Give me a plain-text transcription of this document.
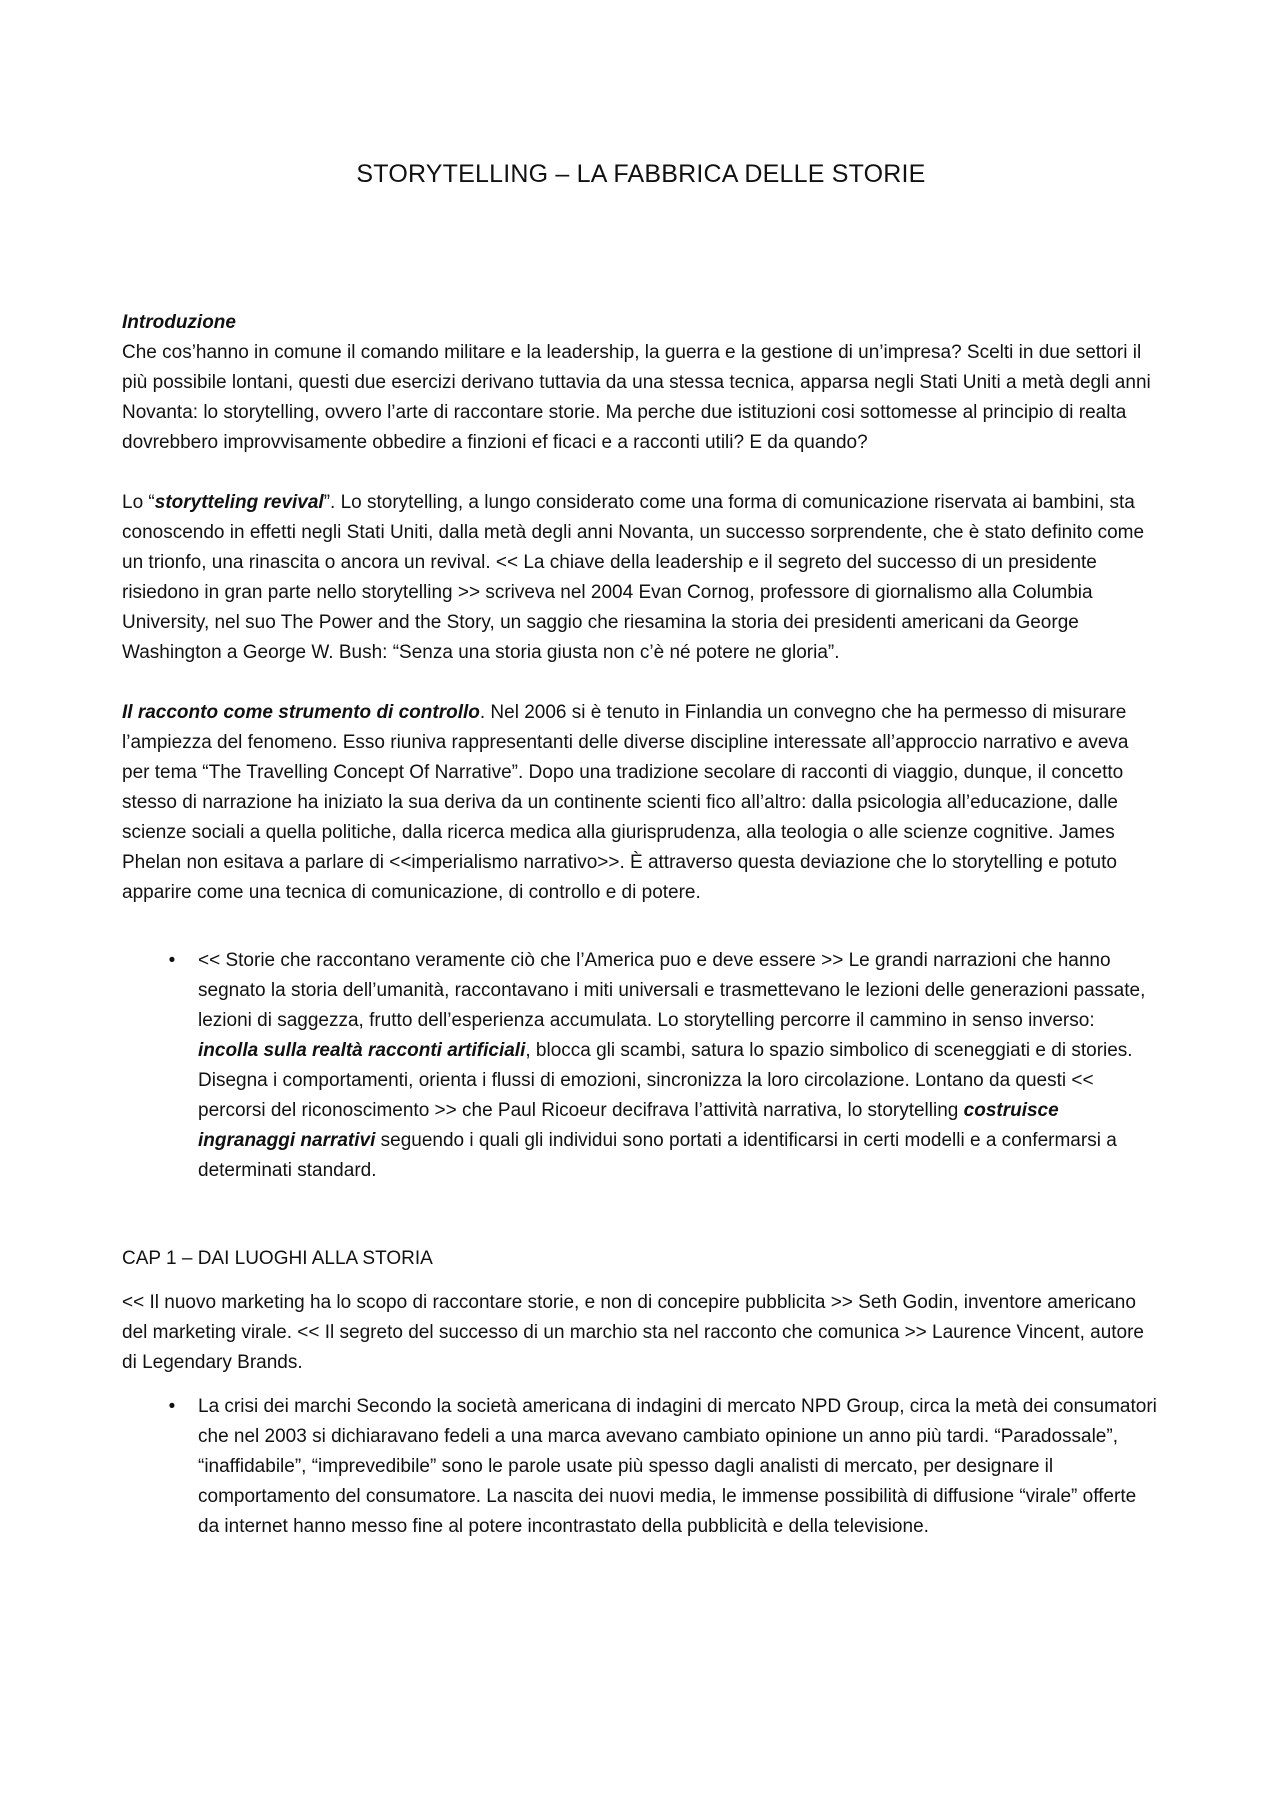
STORYTELLING – LA FABBRICA DELLE STORIE
Introduzione

Che cos’hanno in comune il comando militare e la leadership, la guerra e la gestione di un’impresa? Scelti in due settori il più possibile lontani, questi due esercizi derivano tuttavia da una stessa tecnica, apparsa negli Stati Uniti a metà degli anni Novanta: lo storytelling, ovvero l’arte di raccontare storie. Ma perche due istituzioni cosi sottomesse al principio di realta dovrebbero improvvisamente obbedire a finzioni ef ficaci e a racconti utili? E da quando?

Lo “storytteling revival”. Lo storytelling, a lungo considerato come una forma di comunicazione riservata ai bambini, sta conoscendo in effetti negli Stati Uniti, dalla metà degli anni Novanta, un successo sorprendente, che è stato definito come un trionfo, una rinascita o ancora un revival. << La chiave della leadership e il segreto del successo di un presidente risiedono in gran parte nello storytelling >> scriveva nel 2004 Evan Cornog, professore di giornalismo alla Columbia University, nel suo The Power and the Story, un saggio che riesamina la storia dei presidenti americani da George Washington a George W. Bush: “Senza una storia giusta non c’è né potere ne gloria”.

Il racconto come strumento di controllo. Nel 2006 si è tenuto in Finlandia un convegno che ha permesso di misurare l’ampiezza del fenomeno. Esso riuniva rappresentanti delle diverse discipline interessate all’approccio narrativo e aveva per tema “The Travelling Concept Of Narrative”. Dopo una tradizione secolare di racconti di viaggio, dunque, il concetto stesso di narrazione ha iniziato la sua deriva da un continente scienti fico all’altro: dalla psicologia all’educazione, dalle scienze sociali a quella politiche, dalla ricerca medica alla giurisprudenza, alla teologia o alle scienze cognitive. James Phelan non esitava a parlare di <<imperialismo narrativo>>. È attraverso questa deviazione che lo storytelling e potuto apparire come una tecnica di comunicazione, di controllo e di potere.

•	<< Storie che raccontano veramente ciò che l’America puo e deve essere >> Le grandi narrazioni che hanno segnato la storia dell’umanità, raccontavano i miti universali e trasmettevano le lezioni delle generazioni passate, lezioni di saggezza, frutto dell’esperienza accumulata. Lo storytelling percorre il cammino in senso inverso: incolla sulla realtà racconti artificiali, blocca gli scambi, satura lo spazio simbolico di sceneggiati e di stories. Disegna i comportamenti, orienta i flussi di emozioni, sincronizza la loro circolazione. Lontano da questi << percorsi del riconoscimento >> che Paul Ricoeur decifrava l’attività narrativa, lo storytelling costruisce ingranaggi narrativi seguendo i quali gli individui sono portati a identificarsi in certi modelli e a confermarsi a determinati standard.
CAP 1 – DAI LUOGHI ALLA STORIA

<< Il nuovo marketing ha lo scopo di raccontare storie, e non di concepire pubblicita >> Seth Godin, inventore americano del marketing virale. << Il segreto del successo di un marchio sta nel racconto che comunica >> Laurence Vincent, autore di Legendary Brands.

•	La crisi dei marchi Secondo la società americana di indagini di mercato NPD Group, circa la metà dei consumatori che nel 2003 si dichiaravano fedeli a una marca avevano cambiato opinione un anno più tardi. “Paradossale”, “inaffidabile”, “imprevedibile” sono le parole usate più spesso dagli analisti di mercato, per designare il comportamento del consumatore. La nascita dei nuovi media, le immense possibilità di diffusione “virale” offerte da internet hanno messo fine al potere incontrastato della pubblicità e della televisione.
